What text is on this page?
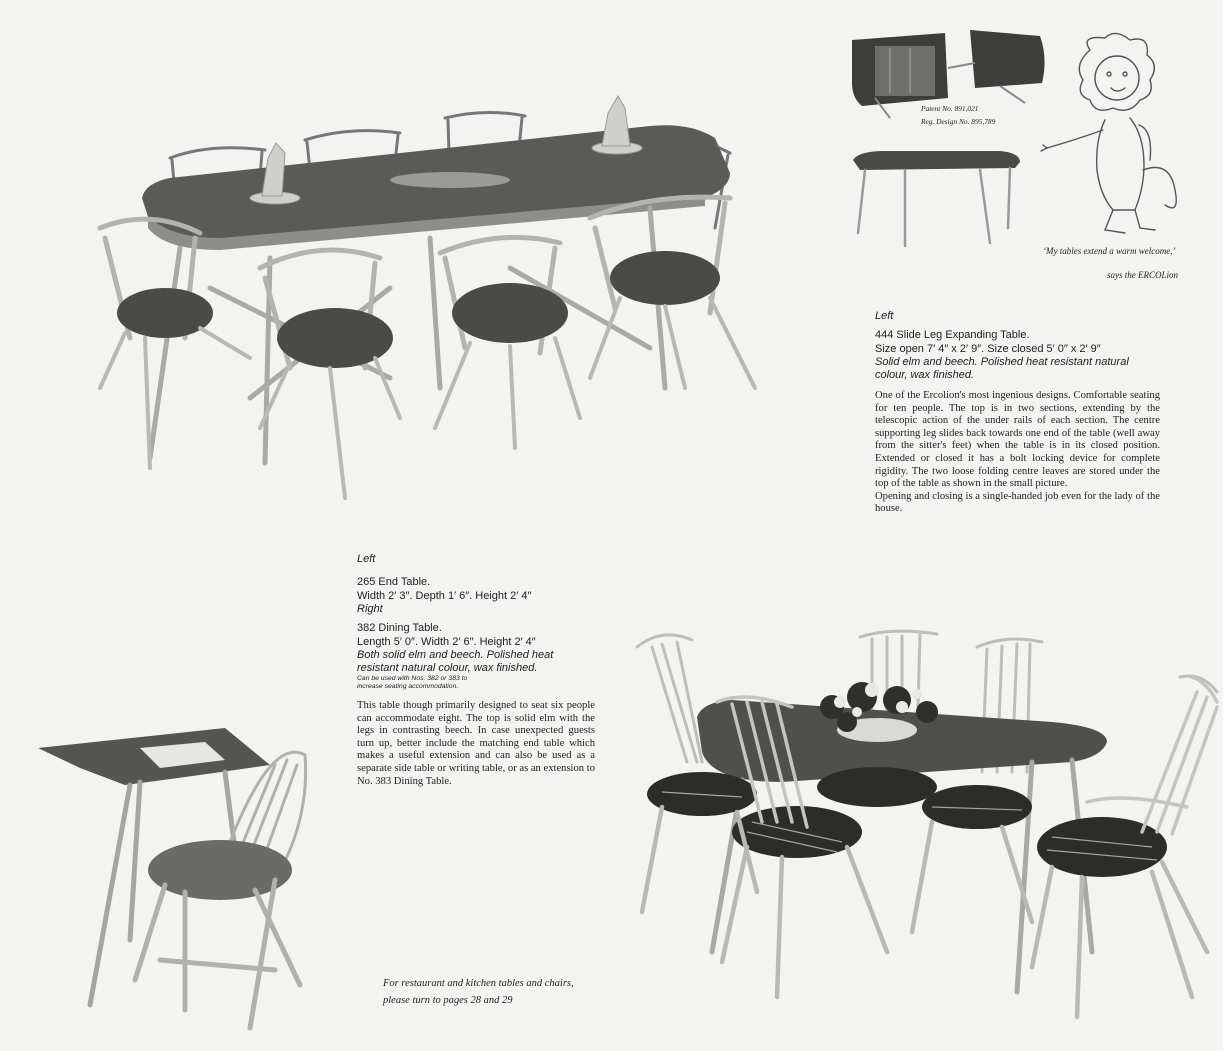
Patent No. 891,021
Reg. Design No. 895,789
‘My tables extend a warm welcome,’
says the ERCOLion
Left
444 Slide Leg Expanding Table.
Size open 7′ 4″ x 2′ 9″. Size closed 5′ 0″ x 2′ 9″
Solid elm and beech. Polished heat resistant natural colour, wax finished.
One of the Ercolion's most ingenious designs. Comfortable seating for ten people. The top is in two sections, extending by the telescopic action of the under rails of each section. The centre supporting leg slides back towards one end of the table (well away from the sitter's feet) when the table is in its closed position. Extended or closed it has a bolt locking device for complete rigidity. The two loose folding centre leaves are stored under the top of the table as shown in the small picture.
Opening and closing is a single-handed job even for the lady of the house.
Left
265 End Table.
Width 2′ 3″. Depth 1′ 6″. Height 2′ 4″
Right
382 Dining Table.
Length 5′ 0″. Width 2′ 6″. Height 2′ 4″
Both solid elm and beech. Polished heat resistant natural colour, wax finished.
Can be used with Nos. 382 or 383 to
increase seating accommodation.
This table though primarily designed to seat six people can accommodate eight. The top is solid elm with the legs in contrasting beech. In case unexpected guests turn up, better include the matching end table which makes a useful extension and can also be used as a separate side table or writing table, or as an extension to No. 383 Dining Table.
For restaurant and kitchen tables and chairs, please turn to pages 28 and 29
